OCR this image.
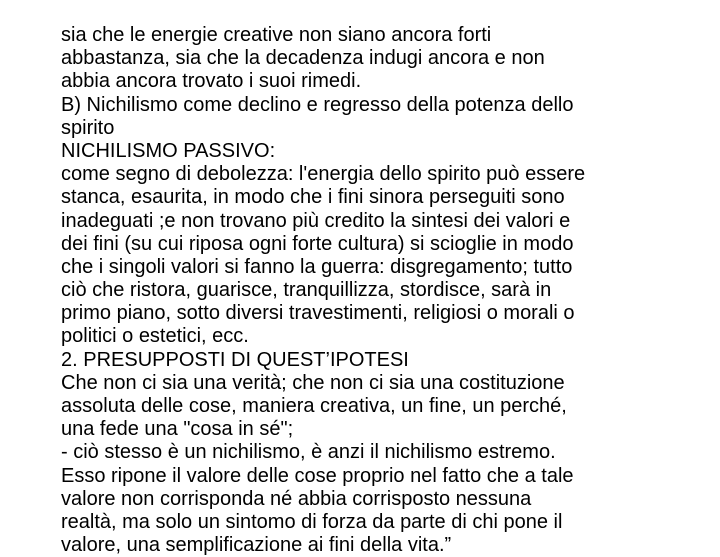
sia che le energie creative non siano ancora forti
abbastanza, sia che la decadenza indugi ancora e non
abbia ancora trovato i suoi rimedi.
B) Nichilismo come declino e regresso della potenza dello
spirito
NICHILISMO PASSIVO:
come segno di debolezza: l'energia dello spirito può essere
stanca, esaurita, in modo che i fini sinora perseguiti sono
inadeguati ;e non trovano più credito la sintesi dei valori e
dei fini (su cui riposa ogni forte cultura) si scioglie in modo
che i singoli valori si fanno la guerra: disgregamento; tutto
ciò che ristora, guarisce, tranquillizza, stordisce, sarà in
primo piano, sotto diversi travestimenti, religiosi o morali o
politici o estetici, ecc.
2. PRESUPPOSTI DI QUEST’IPOTESI
Che non ci sia una verità; che non ci sia una costituzione
assoluta delle cose, maniera creativa, un fine, un perché,
una fede una "cosa in sé";
- ciò stesso è un nichilismo, è anzi il nichilismo estremo.
Esso ripone il valore delle cose proprio nel fatto che a tale
valore non corrisponda né abbia corrisposto nessuna
realtà, ma solo un sintomo di forza da parte di chi pone il
valore, una semplificazione ai fini della vita.”
